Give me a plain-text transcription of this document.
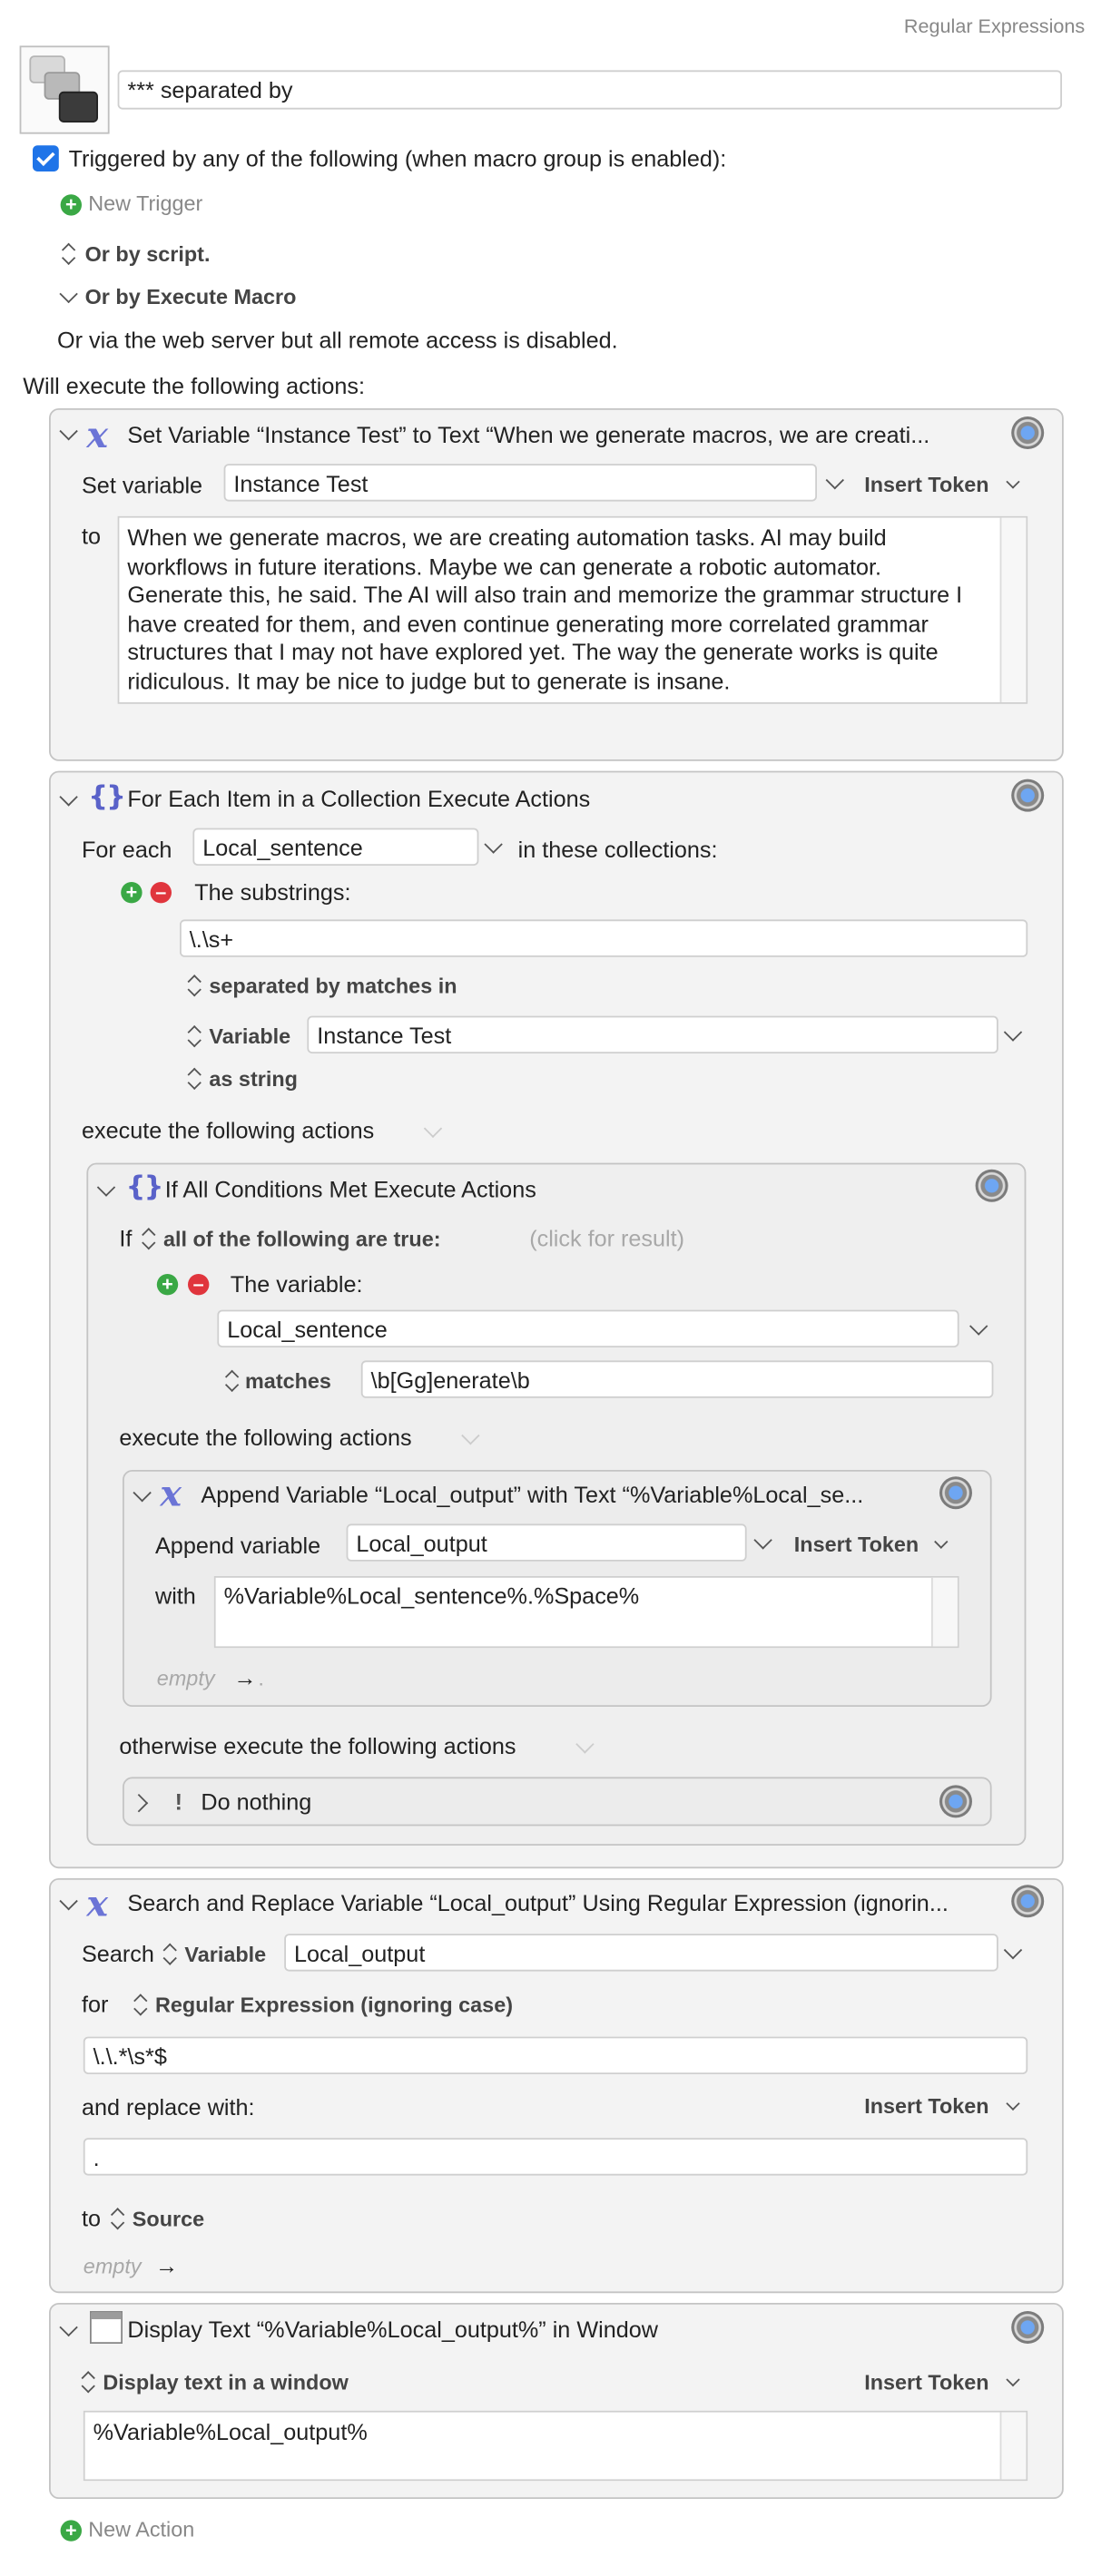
Regular Expressions
*** separated by
Triggered by any of the following (when macro group is enabled):
+ New Trigger
Or by script.
Or by Execute Macro
Or via the web server but all remote access is disabled.
Will execute the following actions:
x Set Variable “Instance Test” to Text “When we generate macros, we are creati...
Set variable	Instance Test	Insert Token
to When we generate macros, we are creating automation tasks. AI may build
workflows in future iterations. Maybe we can generate a robotic automator.
Generate this, he said. The AI will also train and memorize the grammar structure I
have created for them, and even continue generating more correlated grammar
structures that I may not have explored yet. The way the generate works is quite
ridiculous. It may be nice to judge but to generate is insane.
{} For Each Item in a Collection Execute Actions
For each	Local_sentence	in these collections:
+	–	The substrings:
\.\s+
separated by matches in
Variable	Instance Test
as string
execute the following actions
{} If All Conditions Met Execute Actions
If	all of the following are true:	(click for result)
+	–	The variable:
Local_sentence
matches	\b[Gg]enerate\b
execute the following actions
x Append Variable “Local_output” with Text “%Variable%Local_se...
Append variable	Local_output	Insert Token
with %Variable%Local_sentence%.%Space%
empty → .
otherwise execute the following actions
! Do nothing
x Search and Replace Variable “Local_output” Using Regular Expression (ignorin...
Search	Variable	Local_output
for	Regular Expression (ignoring case)
\.\.*\s*$
and replace with:	Insert Token
.
to	Source
empty →
Display Text “%Variable%Local_output%” in Window
Display text in a window	Insert Token
%Variable%Local_output%
+ New Action
